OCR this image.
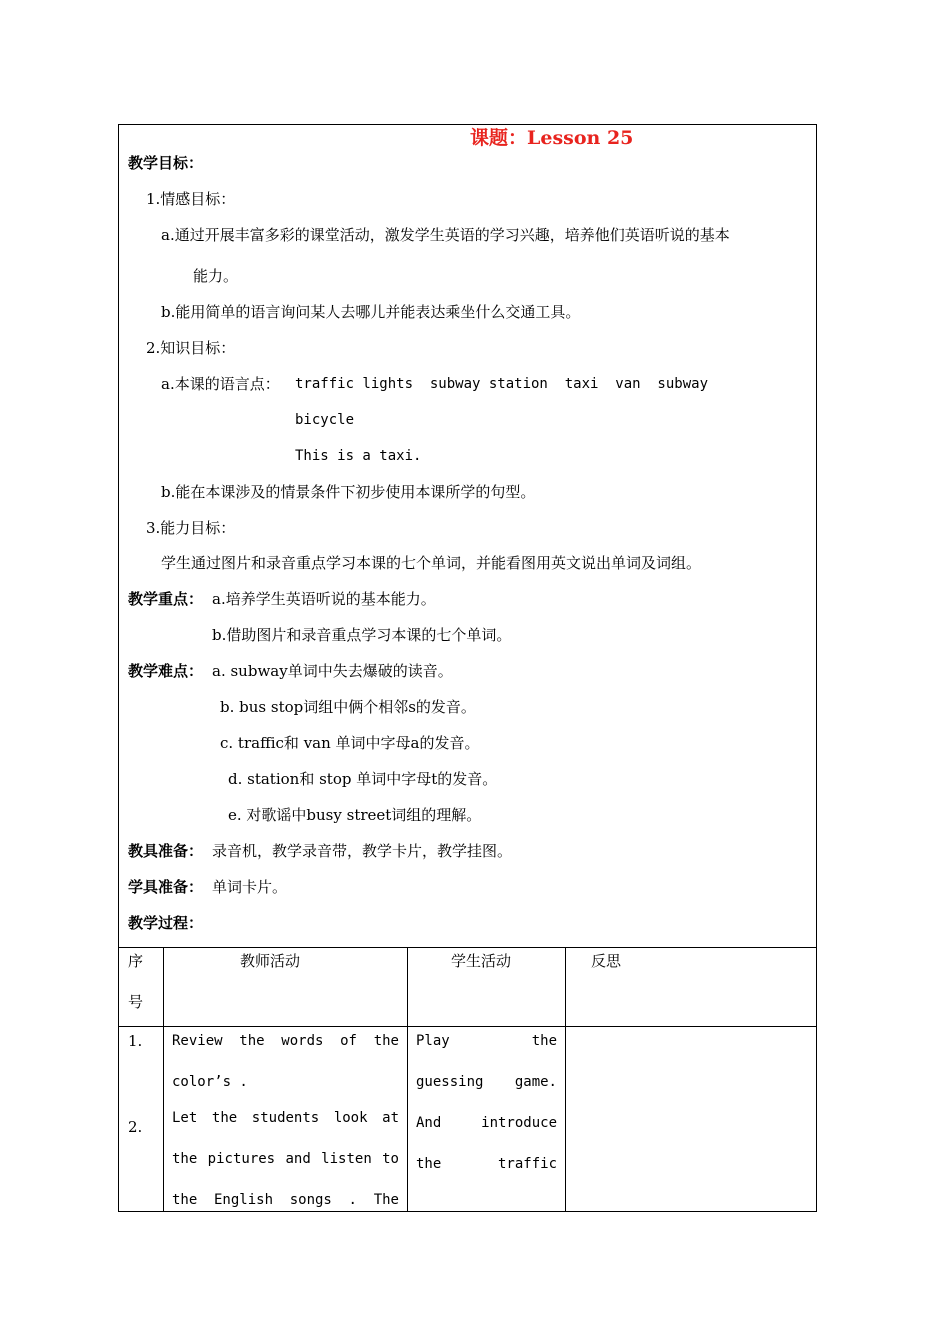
课题：Lesson 25
教学目标：
1.情感目标：
a.通过开展丰富多彩的课堂活动，激发学生英语的学习兴趣，培养他们英语听说的基本
能力。
b.能用简单的语言询问某人去哪儿并能表达乘坐什么交通工具。
2.知识目标：
a.本课的语言点： traffic lights  subway station  taxi  van  subway
bicycle
This is a taxi.
b.能在本课涉及的情景条件下初步使用本课所学的句型。
3.能力目标：
学生通过图片和录音重点学习本课的七个单词，并能看图用英文说出单词及词组。
教学重点： a.培养学生英语听说的基本能力。
b.借助图片和录音重点学习本课的七个单词。
教学难点： a. subway单词中失去爆破的读音。
b. bus stop词组中俩个相邻s的发音。
c. traffic和 van 单词中字母a的发音。
d. station和 stop 单词中字母t的发音。
e. 对歌谣中busy street词组的理解。
教具准备： 录音机，教学录音带，教学卡片，教学挂图。
学具准备： 单词卡片。
教学过程：
序
号
教师活动	学生活动	反思
1.
2.
Review the words of the
color’s .
Let the students look at
the pictures and listen to
the English songs . The
Play the
guessing game.
And introduce
the traffic
